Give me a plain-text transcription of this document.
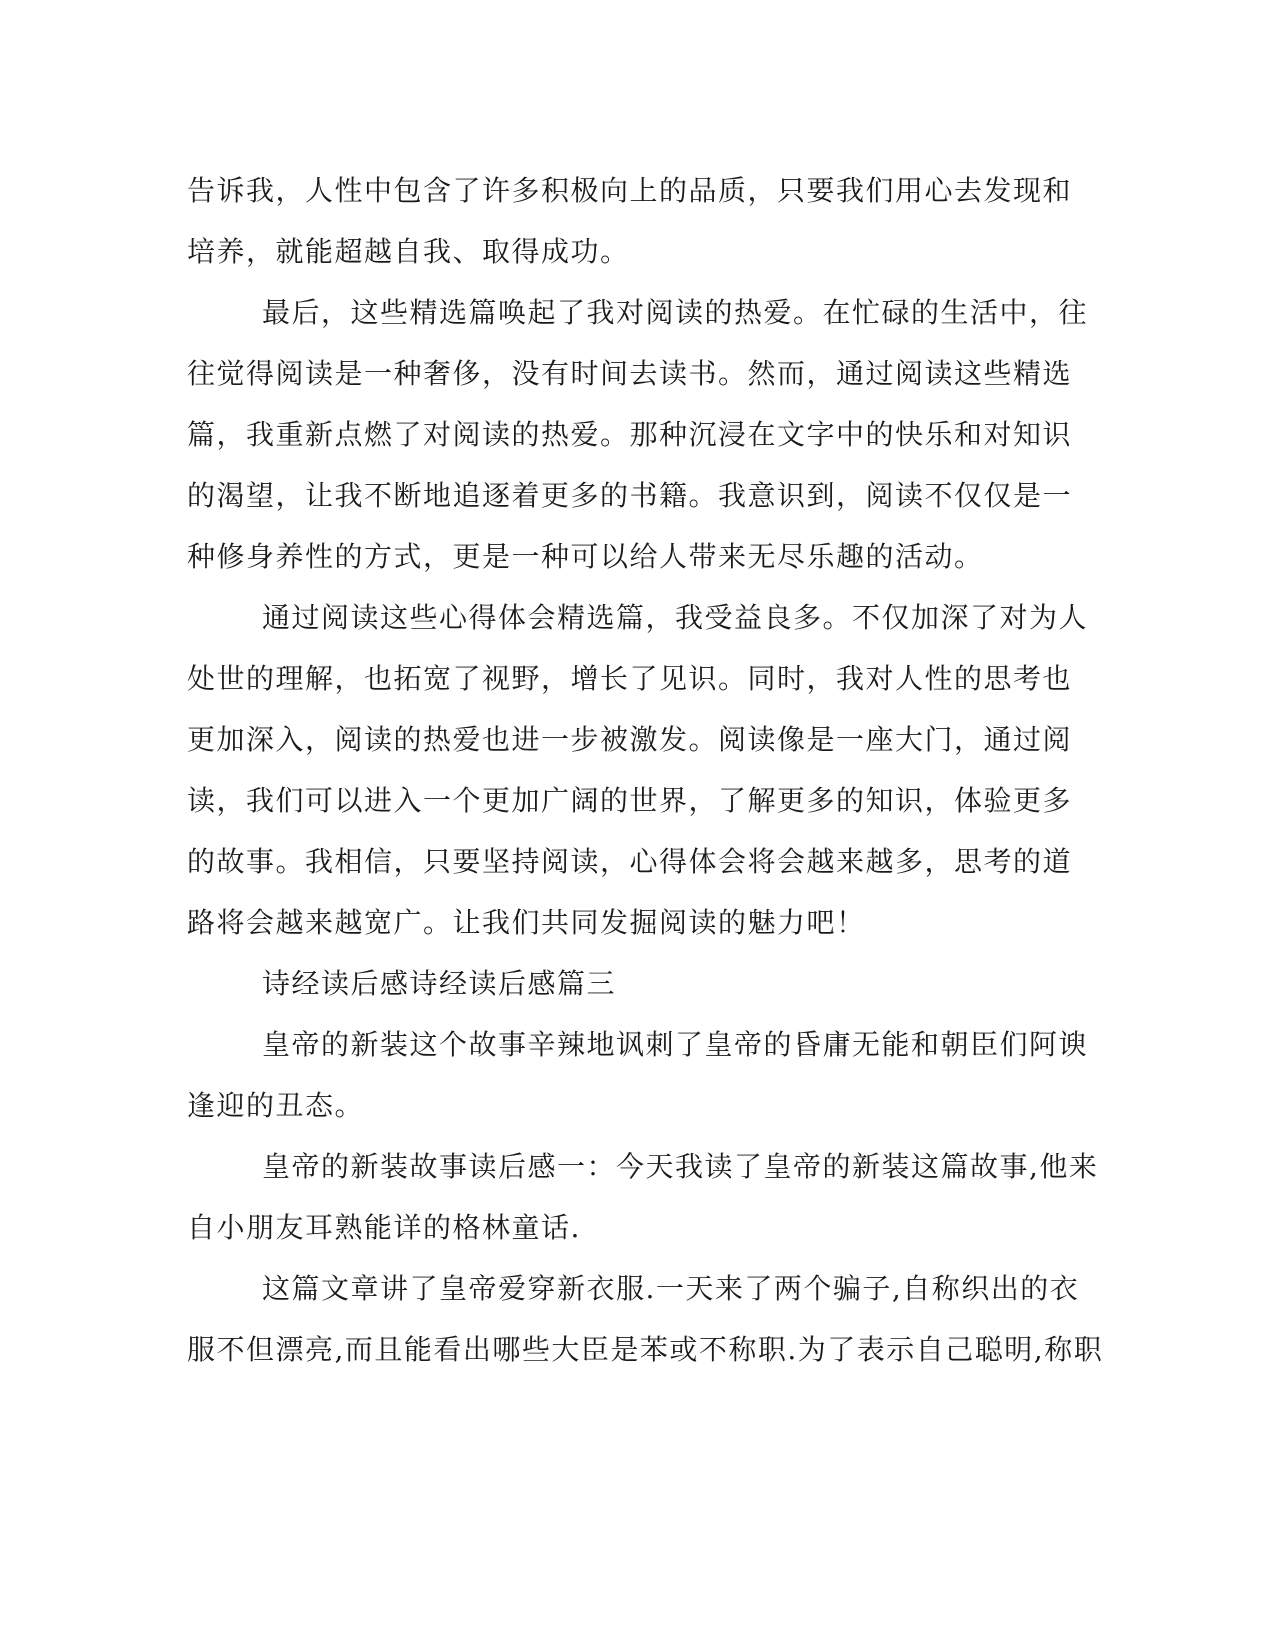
告诉我，人性中包含了许多积极向上的品质，只要我们用心去发现和
培养，就能超越自我、取得成功。
最后，这些精选篇唤起了我对阅读的热爱。在忙碌的生活中，往
往觉得阅读是一种奢侈，没有时间去读书。然而，通过阅读这些精选
篇，我重新点燃了对阅读的热爱。那种沉浸在文字中的快乐和对知识
的渴望，让我不断地追逐着更多的书籍。我意识到，阅读不仅仅是一
种修身养性的方式，更是一种可以给人带来无尽乐趣的活动。
通过阅读这些心得体会精选篇，我受益良多。不仅加深了对为人
处世的理解，也拓宽了视野，增长了见识。同时，我对人性的思考也
更加深入，阅读的热爱也进一步被激发。阅读像是一座大门，通过阅
读，我们可以进入一个更加广阔的世界，了解更多的知识，体验更多
的故事。我相信，只要坚持阅读，心得体会将会越来越多，思考的道
路将会越来越宽广。让我们共同发掘阅读的魅力吧！
诗经读后感诗经读后感篇三
皇帝的新装这个故事辛辣地讽刺了皇帝的昏庸无能和朝臣们阿谀
逢迎的丑态。
皇帝的新装故事读后感一：今天我读了皇帝的新装这篇故事,他来
自小朋友耳熟能详的格林童话.
这篇文章讲了皇帝爱穿新衣服.一天来了两个骗子,自称织出的衣
服不但漂亮,而且能看出哪些大臣是苯或不称职.为了表示自己聪明,称职
